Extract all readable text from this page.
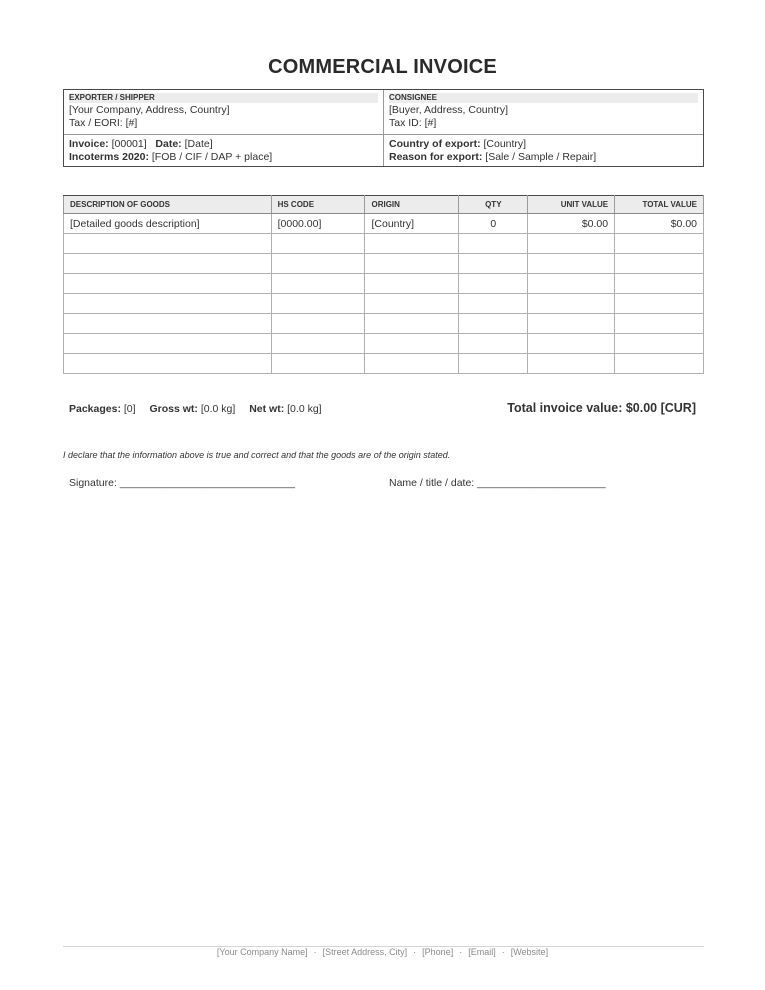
COMMERCIAL INVOICE
EXPORTER / SHIPPER
[Your Company, Address, Country]
Tax / EORI: [#]
CONSIGNEE
[Buyer, Address, Country]
Tax ID: [#]
Invoice: [00001] Date: [Date]
Incoterms 2020: [FOB / CIF / DAP + place]
Country of export: [Country]
Reason for export: [Sale / Sample / Repair]
DESCRIPTION OF GOODS	HS CODE	ORIGIN	QTY	UNIT VALUE	TOTAL VALUE
[Detailed goods description]	[0000.00]	[Country]	0	$0.00	$0.00

Packages: [0] Gross wt: [0.0 kg] Net wt: [0.0 kg]	Total invoice value: $0.00 [CUR]
I declare that the information above is true and correct and that the goods are of the origin stated.
Signature: ______________________________	Name / title / date: ______________________
[Your Company Name] · [Street Address, City] · [Phone] · [Email] · [Website]
